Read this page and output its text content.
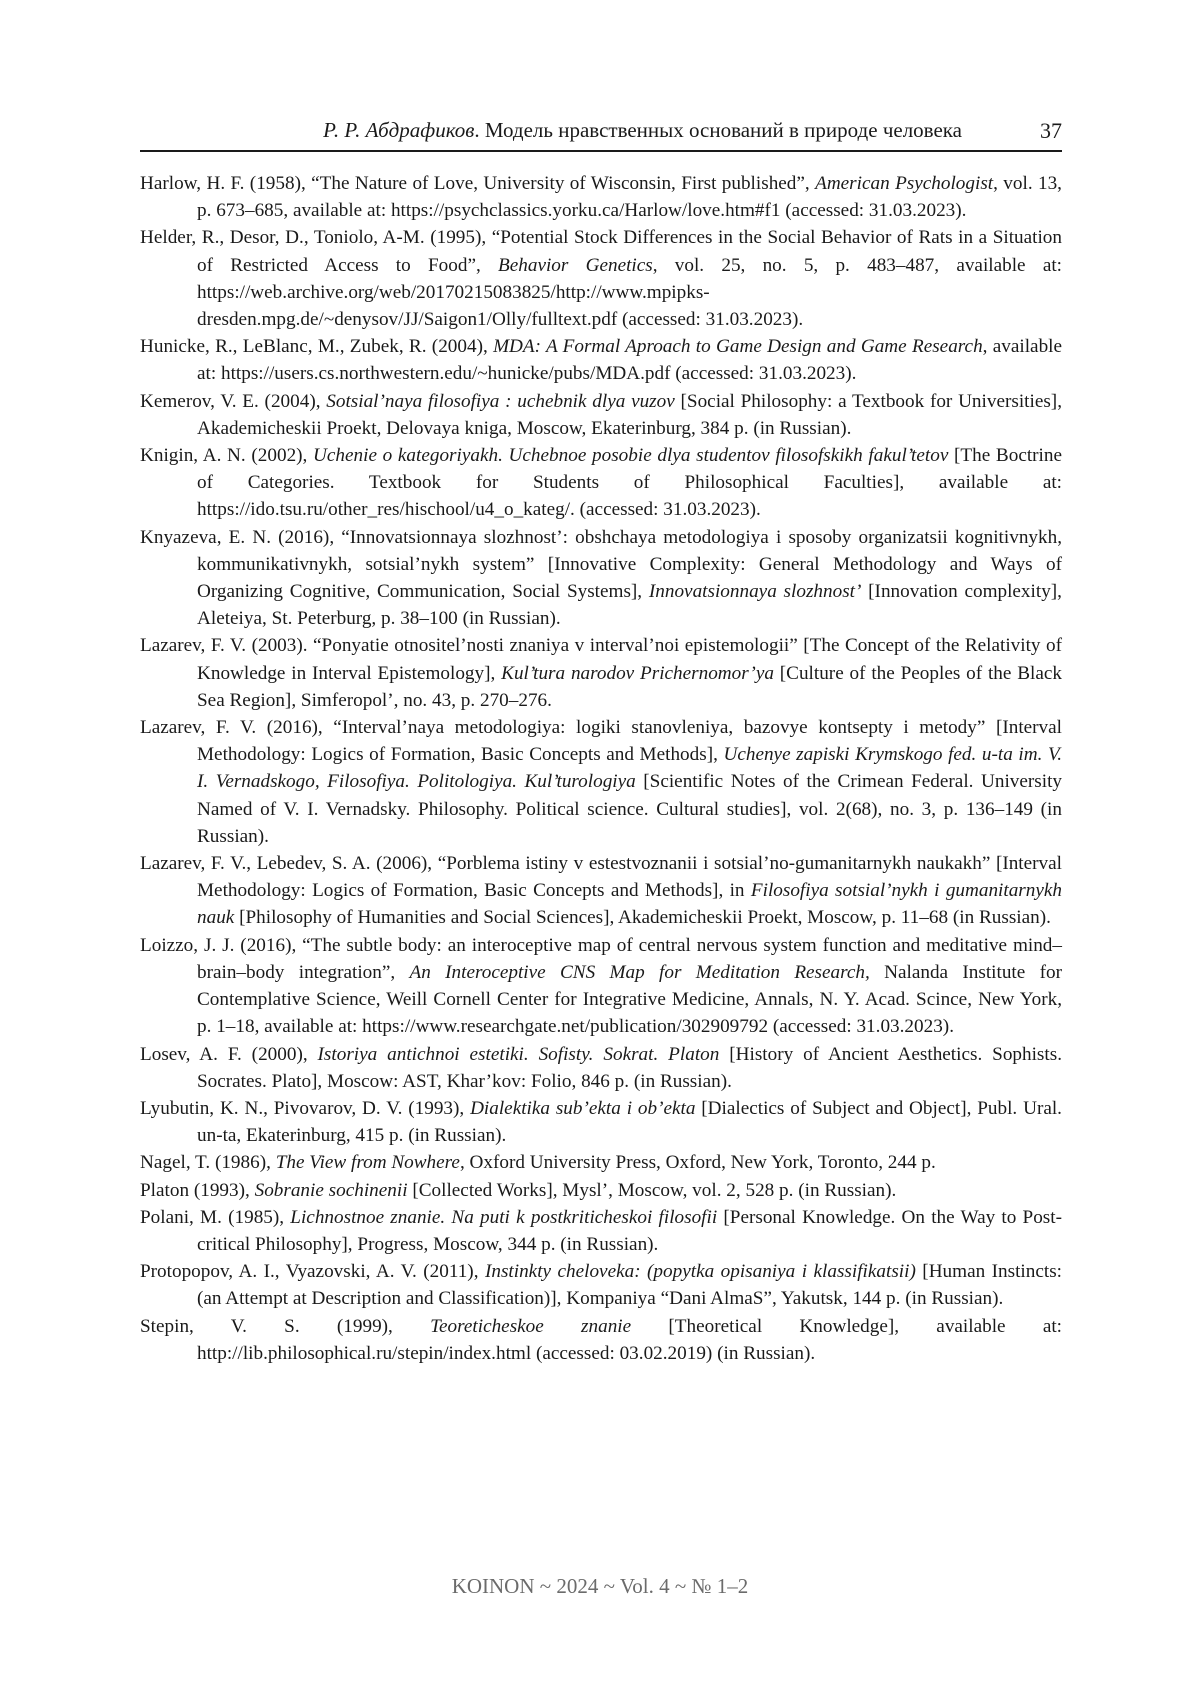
Р. Р. Абдрафиков. Модель нравственных оснований в природе человека	37

Harlow, H. F. (1958), “The Nature of Love, University of Wisconsin, First published”, American Psychologist, vol. 13, p. 673–685, available at: https://psychclassics.yorku.ca/Harlow/love.htm#f1 (accessed: 31.03.2023).

Helder, R., Desor, D., Toniolo, A-M. (1995), “Potential Stock Differences in the Social Behavior of Rats in a Situation of Restricted Access to Food”, Behavior Genetics, vol. 25, no. 5, p. 483–487, available at: https://web.archive.org/web/20170215083825/http://www.mpipks-dresden.mpg.de/~denysov/JJ/Saigon1/Olly/fulltext.pdf (accessed: 31.03.2023).

Hunicke, R., LeBlanc, M., Zubek, R. (2004), MDA: A Formal Aproach to Game Design and Game Research, available at: https://users.cs.northwestern.edu/~hunicke/pubs/MDA.pdf (accessed: 31.03.2023).

Kemerov, V. E. (2004), Sotsial’naya filosofiya : uchebnik dlya vuzov [Social Philosophy: a Textbook for Universities], Akademicheskii Proekt, Delovaya kniga, Moscow, Ekaterinburg, 384 p. (in Russian).

Knigin, A. N. (2002), Uchenie o kategoriyakh. Uchebnoe posobie dlya studentov filosofskikh fakul’tetov [The Boctrine of Categories. Textbook for Students of Philosophical Faculties], available at: https://ido.tsu.ru/other_res/hischool/u4_o_kateg/. (accessed: 31.03.2023).

Knyazeva, E. N. (2016), “Innovatsionnaya slozhnost’: obshchaya metodologiya i sposoby organizatsii kognitivnykh, kommunikativnykh, sotsial’nykh system” [Innovative Complexity: General Methodology and Ways of Organizing Cognitive, Communication, Social Systems], Innovatsionnaya slozhnost’ [Innovation complexity], Aleteiya, St. Peterburg, p. 38–100 (in Russian).

Lazarev, F. V. (2003). “Ponyatie otnositel’nosti znaniya v interval’noi epistemologii” [The Concept of the Relativity of Knowledge in Interval Epistemology], Kul’tura narodov Prichernomor’ya [Culture of the Peoples of the Black Sea Region], Simferopol’, no. 43, p. 270–276.

Lazarev, F. V. (2016), “Interval’naya metodologiya: logiki stanovleniya, bazovye kontsepty i metody” [Interval Methodology: Logics of Formation, Basic Concepts and Methods], Uchenye zapiski Krymskogo fed. u-ta im. V. I. Vernadskogo, Filosofiya. Politologiya. Kul’turologiya [Scientific Notes of the Crimean Federal. University Named of V. I. Vernadsky. Philosophy. Political science. Cultural studies], vol. 2(68), no. 3, p. 136–149 (in Russian).

Lazarev, F. V., Lebedev, S. A. (2006), “Porblema istiny v estestvoznanii i sotsial’no-gumanitarnykh naukakh” [Interval Methodology: Logics of Formation, Basic Concepts and Methods], in Filosofiya sotsial’nykh i gumanitarnykh nauk [Philosophy of Humanities and Social Sciences], Akademicheskii Proekt, Moscow, p. 11–68 (in Russian).

Loizzo, J. J. (2016), “The subtle body: an interoceptive map of central nervous system function and meditative mind–brain–body integration”, An Interoceptive CNS Map for Meditation Research, Nalanda Institute for Contemplative Science, Weill Cornell Center for Integrative Medicine, Annals, N. Y. Acad. Scince, New York, p. 1–18, available at: https://www.researchgate.net/publication/302909792 (accessed: 31.03.2023).

Losev, A. F. (2000), Istoriya antichnoi estetiki. Sofisty. Sokrat. Platon [History of Ancient Aesthetics. Sophists. Socrates. Plato], Moscow: AST, Khar’kov: Folio, 846 p. (in Russian).

Lyubutin, K. N., Pivovarov, D. V. (1993), Dialektika sub’ekta i ob’ekta [Dialectics of Subject and Object], Publ. Ural. un-ta, Ekaterinburg, 415 p. (in Russian).

Nagel, T. (1986), The View from Nowhere, Oxford University Press, Oxford, New York, Toronto, 244 p.

Platon (1993), Sobranie sochinenii [Collected Works], Mysl’, Moscow, vol. 2, 528 p. (in Russian).

Polani, M. (1985), Lichnostnoe znanie. Na puti k postkriticheskoi filosofii [Personal Knowledge. On the Way to Post-critical Philosophy], Progress, Moscow, 344 p. (in Russian).

Protopopov, A. I., Vyazovski, A. V. (2011), Instinkty cheloveka: (popytka opisaniya i klassifikatsii) [Human Instincts: (an Attempt at Description and Classification)], Kompaniya “Dani AlmaS”, Yakutsk, 144 p. (in Russian).

Stepin, V. S. (1999), Teoreticheskoe znanie [Theoretical Knowledge], available at: http://lib.philosophical.ru/stepin/index.html (accessed: 03.02.2019) (in Russian).

KOINON ~ 2024 ~ Vol. 4 ~ № 1–2
